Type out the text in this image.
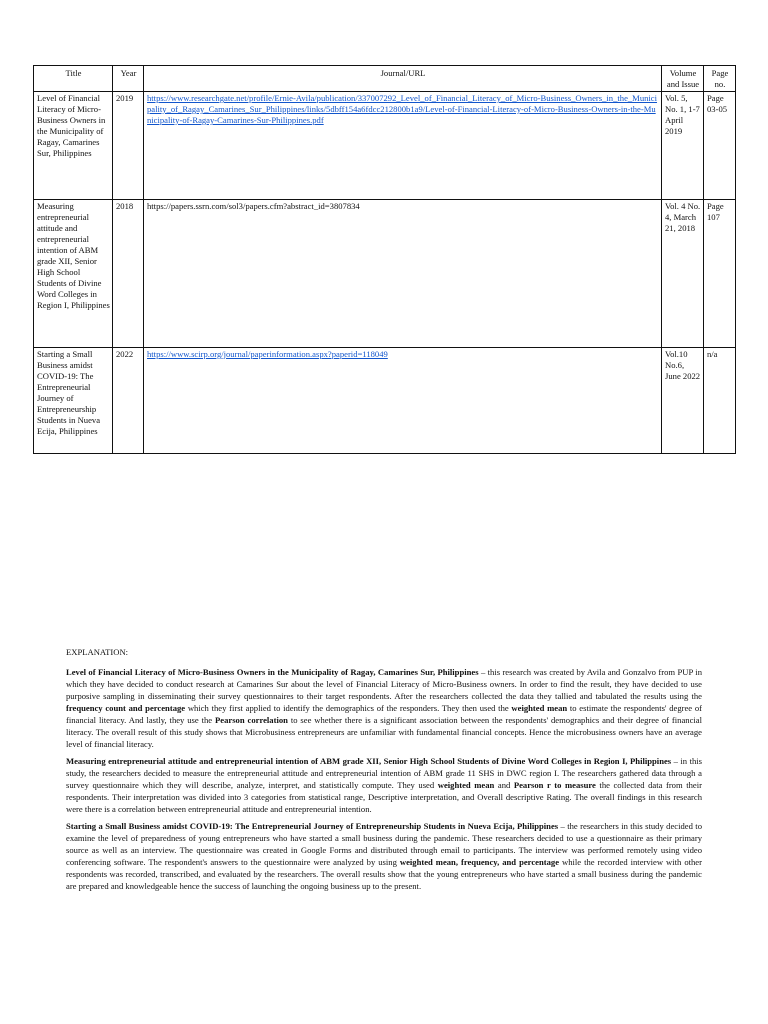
Title	Year	Journal/URL	Volume and Issue	Page no.
Level of Financial Literacy of Micro-Business Owners in the Municipality of Ragay, Camarines Sur, Philippines	2019	https://www.researchgate.net/profile/Ernie-Avila/publication/337007292_Level_of_Financial_Literacy_of_Micro-Business_Owners_in_the_Municipality_of_Ragay_Camarines_Sur_Philippines/links/5dbff154a6fdcc212800b1a9/Level-of-Financial-Literacy-of-Micro-Business-Owners-in-the-Municipality-of-Ragay-Camarines-Sur-Philippines.pdf	Vol. 5, No. 1, 1-7 April 2019	Page 03-05
Measuring entrepreneurial attitude and entrepreneurial intention of ABM grade XII, Senior High School Students of Divine Word Colleges in Region I, Philippines	2018	https://papers.ssrn.com/sol3/papers.cfm?abstract_id=3807834	Vol. 4 No. 4, March 21, 2018	Page 107
Starting a Small Business amidst COVID-19: The Entrepreneurial Journey of Entrepreneurship Students in Nueva Ecija, Philippines	2022	https://www.scirp.org/journal/paperinformation.aspx?paperid=118049	Vol.10 No.6, June 2022	n/a

EXPLANATION:

Level of Financial Literacy of Micro-Business Owners in the Municipality of Ragay, Camarines Sur, Philippines – this research was created by Avila and Gonzalvo from PUP in which they have decided to conduct research at Camarines Sur about the level of Financial Literacy of Micro-Business owners. In order to find the result, they have decided to use purposive sampling in disseminating their survey questionnaires to their target respondents. After the researchers collected the data they tallied and tabulated the results using the frequency count and percentage which they first applied to identify the demographics of the responders. They then used the weighted mean to estimate the respondents' degree of financial literacy. And lastly, they use the Pearson correlation to see whether there is a significant association between the respondents' demographics and their degree of financial literacy. The overall result of this study shows that Microbusiness entrepreneurs are unfamiliar with fundamental financial concepts. Hence the microbusiness owners have an average level of financial literacy.

Measuring entrepreneurial attitude and entrepreneurial intention of ABM grade XII, Senior High School Students of Divine Word Colleges in Region I, Philippines – in this study, the researchers decided to measure the entrepreneurial attitude and entrepreneurial intention of ABM grade 11 SHS in DWC region I. The researchers gathered data through a survey questionnaire which they will describe, analyze, interpret, and statistically compute. They used weighted mean and Pearson r to measure the collected data from their respondents. Their interpretation was divided into 3 categories from statistical range, Descriptive interpretation, and Overall descriptive Rating. The overall findings in this research were there is a correlation between entrepreneurial attitude and entrepreneurial intention.

Starting a Small Business amidst COVID-19: The Entrepreneurial Journey of Entrepreneurship Students in Nueva Ecija, Philippines – the researchers in this study decided to examine the level of preparedness of young entrepreneurs who have started a small business during the pandemic. These researchers decided to use a questionnaire as their primary source as well as an interview. The questionnaire was created in Google Forms and distributed through email to participants. The interview was performed remotely using video conferencing software. The respondent's answers to the questionnaire were analyzed by using weighted mean, frequency, and percentage while the recorded interview with other respondents was recorded, transcribed, and evaluated by the researchers. The overall results show that the young entrepreneurs who have started a small business during the pandemic are prepared and knowledgeable hence the success of launching the ongoing business up to the present.
